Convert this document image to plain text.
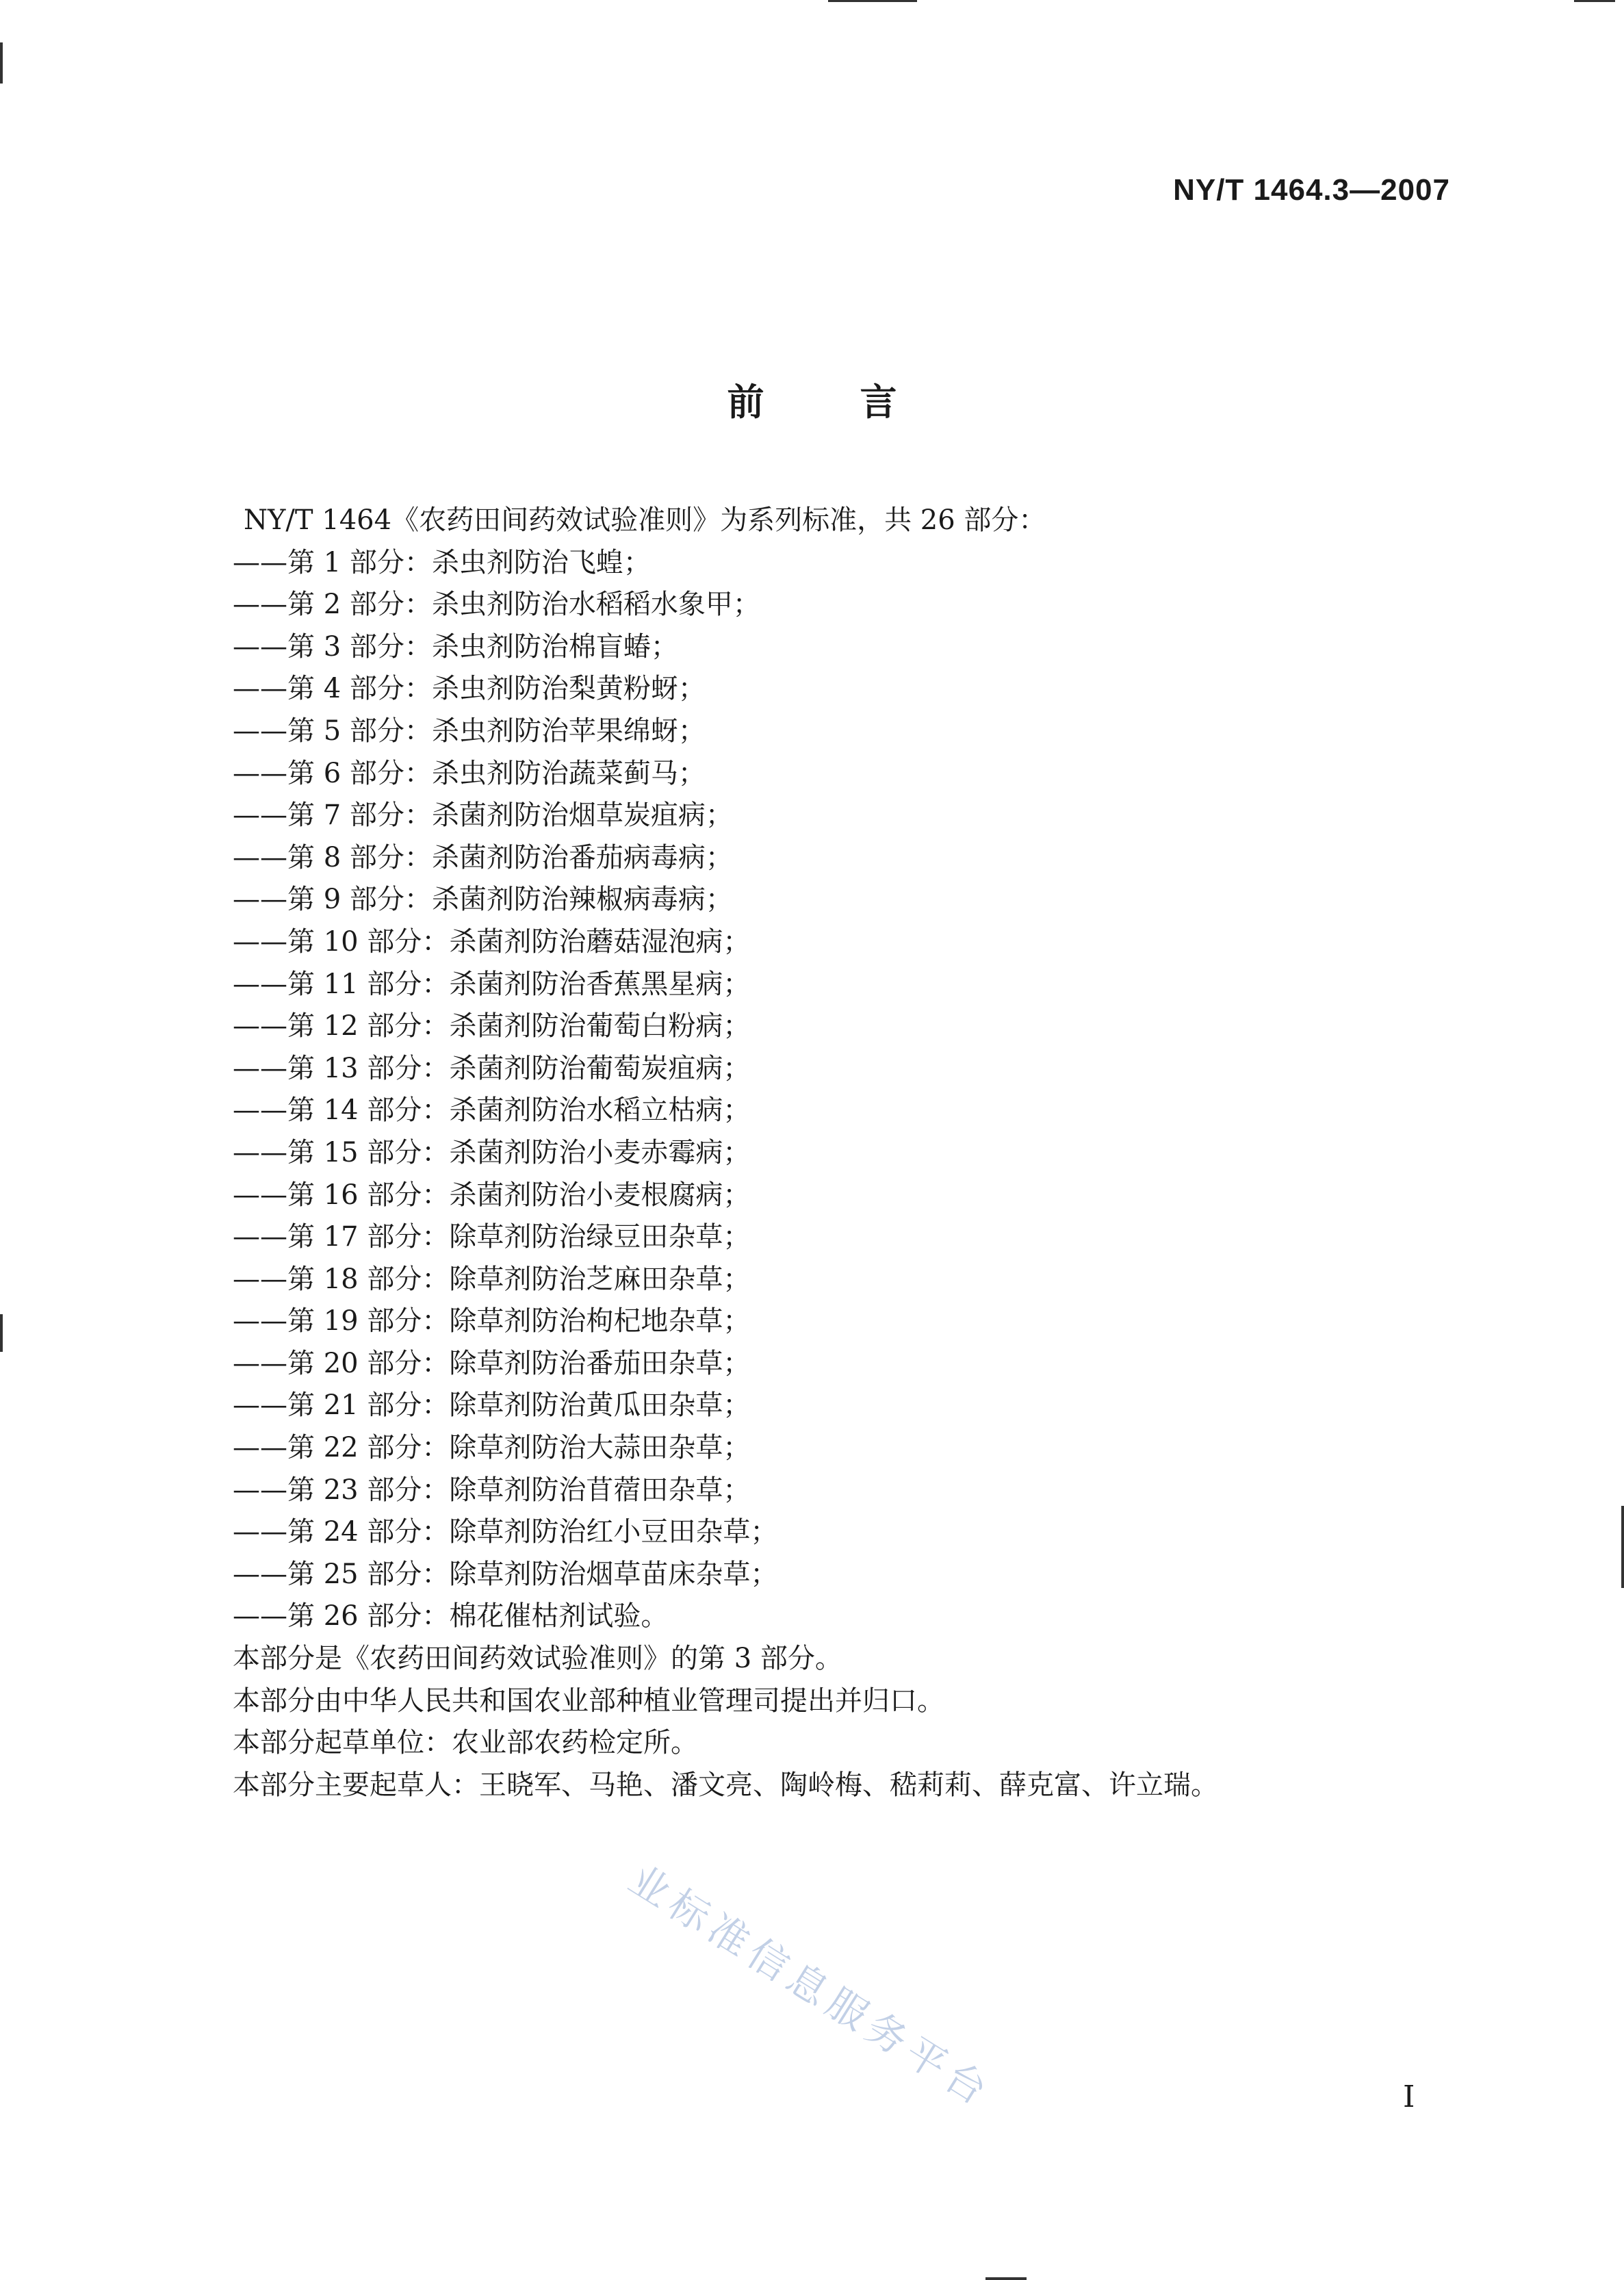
NY/T 1464.3—2007
前言
NY/T 1464《农药田间药效试验准则》为系列标准，共 26 部分：
——第 1 部分：杀虫剂防治飞蝗；
——第 2 部分：杀虫剂防治水稻稻水象甲；
——第 3 部分：杀虫剂防治棉盲蝽；
——第 4 部分：杀虫剂防治梨黄粉蚜；
——第 5 部分：杀虫剂防治苹果绵蚜；
——第 6 部分：杀虫剂防治蔬菜蓟马；
——第 7 部分：杀菌剂防治烟草炭疽病；
——第 8 部分：杀菌剂防治番茄病毒病；
——第 9 部分：杀菌剂防治辣椒病毒病；
——第 10 部分：杀菌剂防治蘑菇湿泡病；
——第 11 部分：杀菌剂防治香蕉黑星病；
——第 12 部分：杀菌剂防治葡萄白粉病；
——第 13 部分：杀菌剂防治葡萄炭疽病；
——第 14 部分：杀菌剂防治水稻立枯病；
——第 15 部分：杀菌剂防治小麦赤霉病；
——第 16 部分：杀菌剂防治小麦根腐病；
——第 17 部分：除草剂防治绿豆田杂草；
——第 18 部分：除草剂防治芝麻田杂草；
——第 19 部分：除草剂防治枸杞地杂草；
——第 20 部分：除草剂防治番茄田杂草；
——第 21 部分：除草剂防治黄瓜田杂草；
——第 22 部分：除草剂防治大蒜田杂草；
——第 23 部分：除草剂防治苜蓿田杂草；
——第 24 部分：除草剂防治红小豆田杂草；
——第 25 部分：除草剂防治烟草苗床杂草；
——第 26 部分：棉花催枯剂试验。
本部分是《农药田间药效试验准则》的第 3 部分。
本部分由中华人民共和国农业部种植业管理司提出并归口。
本部分起草单位：农业部农药检定所。
本部分主要起草人：王晓军、马艳、潘文亮、陶岭梅、嵇莉莉、薛克富、许立瑞。
业标准信息服务平台	I
